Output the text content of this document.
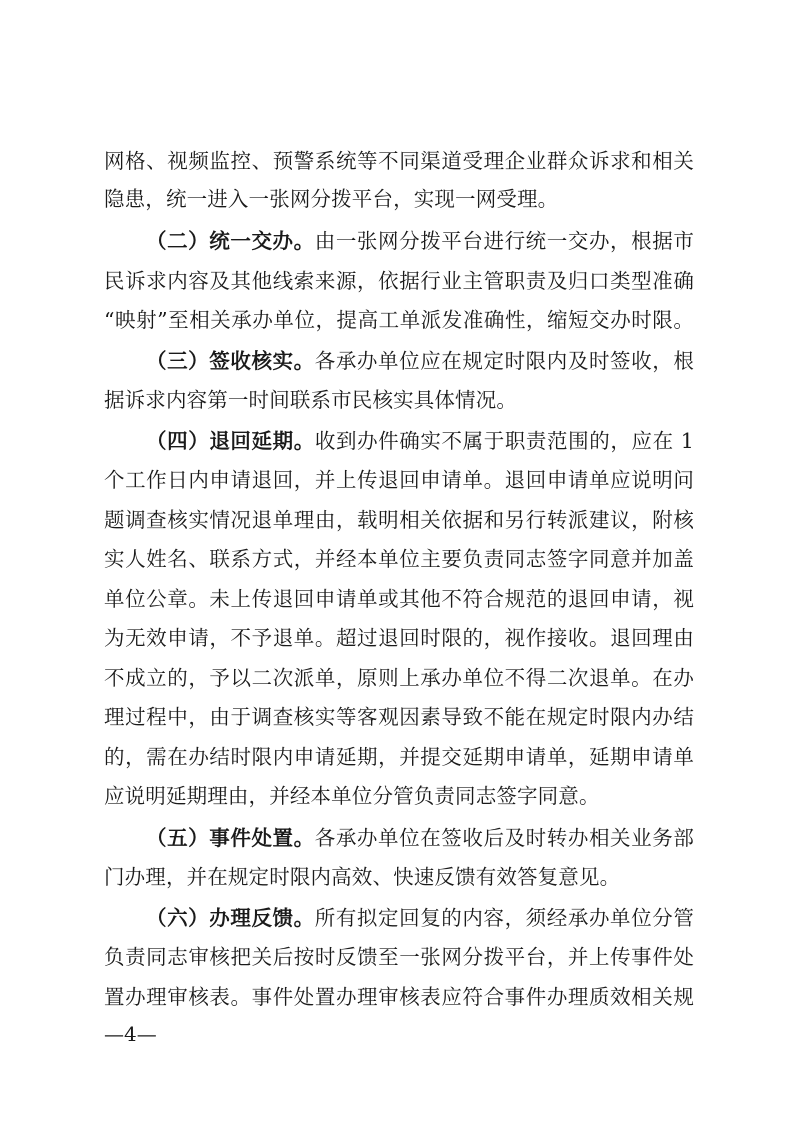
网格、视频监控、预警系统等不同渠道受理企业群众诉求和相关
隐患，统一进入一张网分拨平台，实现一网受理。
（二）统一交办。由一张网分拨平台进行统一交办，根据市
民诉求内容及其他线索来源，依据行业主管职责及归口类型准确
“映射”至相关承办单位，提高工单派发准确性，缩短交办时限。
（三）签收核实。各承办单位应在规定时限内及时签收，根
据诉求内容第一时间联系市民核实具体情况。
（四）退回延期。收到办件确实不属于职责范围的，应在 1
个工作日内申请退回，并上传退回申请单。退回申请单应说明问
题调查核实情况退单理由，载明相关依据和另行转派建议，附核
实人姓名、联系方式，并经本单位主要负责同志签字同意并加盖
单位公章。未上传退回申请单或其他不符合规范的退回申请，视
为无效申请，不予退单。超过退回时限的，视作接收。退回理由
不成立的，予以二次派单，原则上承办单位不得二次退单。在办
理过程中，由于调查核实等客观因素导致不能在规定时限内办结
的，需在办结时限内申请延期，并提交延期申请单，延期申请单
应说明延期理由，并经本单位分管负责同志签字同意。
（五）事件处置。各承办单位在签收后及时转办相关业务部
门办理，并在规定时限内高效、快速反馈有效答复意见。
（六）办理反馈。所有拟定回复的内容，须经承办单位分管
负责同志审核把关后按时反馈至一张网分拨平台，并上传事件处
置办理审核表。事件处置办理审核表应符合事件办理质效相关规
—4—
